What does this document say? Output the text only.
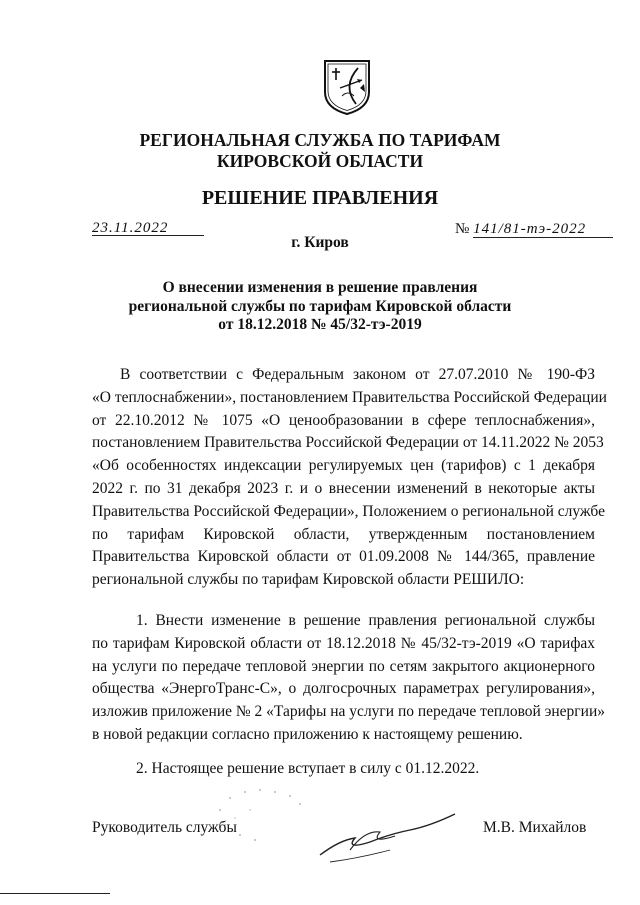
РЕГИОНАЛЬНАЯ СЛУЖБА ПО ТАРИФАМ
КИРОВСКОЙ ОБЛАСТИ
РЕШЕНИЕ ПРАВЛЕНИЯ
23.11.2022	№ 141/81-тэ-2022
г. Киров
О внесении изменения в решение правления
региональной службы по тарифам Кировской области
от 18.12.2018 № 45/32-тэ-2019
В соответствии с Федеральным законом от 27.07.2010 № 190-ФЗ
«О теплоснабжении», постановлением Правительства Российской Федерации
от 22.10.2012 № 1075 «О ценообразовании в сфере теплоснабжения»,
постановлением Правительства Российской Федерации от 14.11.2022 № 2053
«Об особенностях индексации регулируемых цен (тарифов) с 1 декабря
2022 г. по 31 декабря 2023 г. и о внесении изменений в некоторые акты
Правительства Российской Федерации», Положением о региональной службе
по тарифам Кировской области, утвержденным постановлением
Правительства Кировской области от 01.09.2008 № 144/365, правление
региональной службы по тарифам Кировской области РЕШИЛО:
1. Внести изменение в решение правления региональной службы
по тарифам Кировской области от 18.12.2018 № 45/32-тэ-2019 «О тарифах
на услуги по передаче тепловой энергии по сетям закрытого акционерного
общества «ЭнергоТранс-С», о долгосрочных параметрах регулирования»,
изложив приложение № 2 «Тарифы на услуги по передаче тепловой энергии»
в новой редакции согласно приложению к настоящему решению.
2. Настоящее решение вступает в силу с 01.12.2022.
Руководитель службы	М.В. Михайлов
